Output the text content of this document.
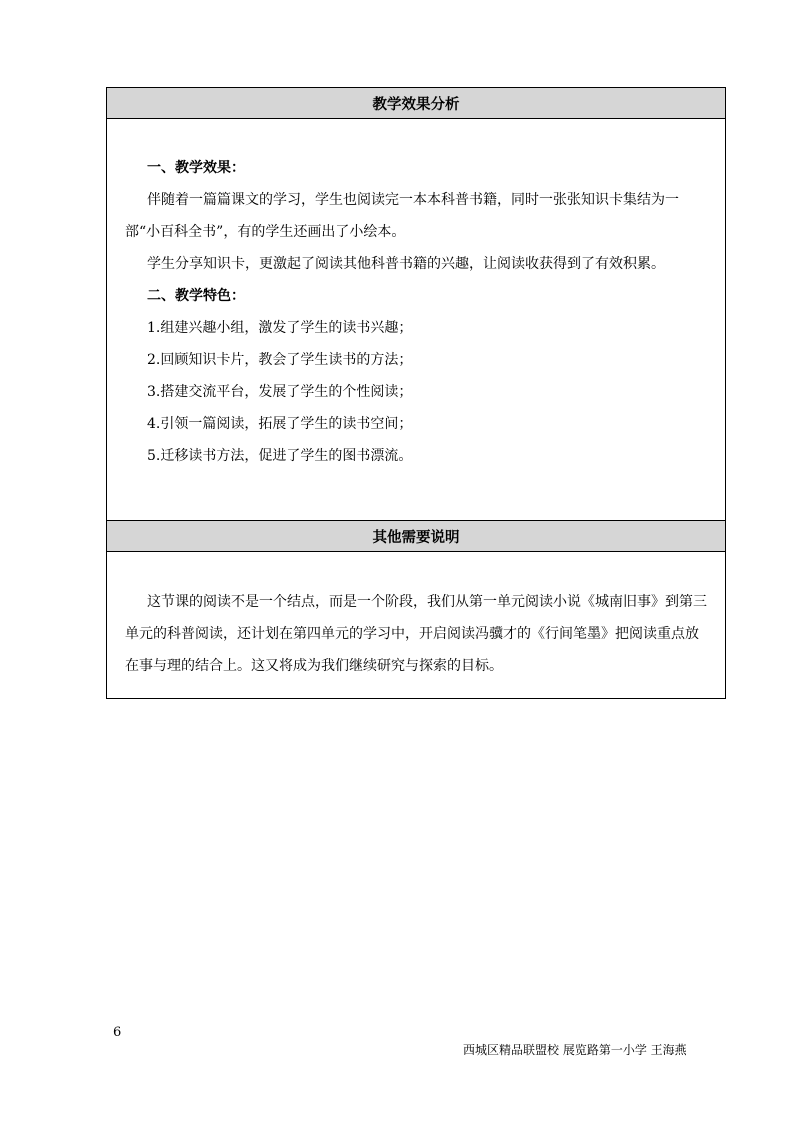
教学效果分析
一、教学效果：

伴随着一篇篇课文的学习，学生也阅读完一本本科普书籍，同时一张张知识卡集结为一部“小百科全书”，有的学生还画出了小绘本。

学生分享知识卡，更激起了阅读其他科普书籍的兴趣，让阅读收获得到了有效积累。

二、教学特色：
1.组建兴趣小组，激发了学生的读书兴趣；
2.回顾知识卡片，教会了学生读书的方法；
3.搭建交流平台，发展了学生的个性阅读；
4.引领一篇阅读，拓展了学生的读书空间；
5.迁移读书方法，促进了学生的图书漂流。
其他需要说明

这节课的阅读不是一个结点，而是一个阶段，我们从第一单元阅读小说《城南旧事》到第三单元的科普阅读，还计划在第四单元的学习中，开启阅读冯骥才的《行间笔墨》把阅读重点放在事与理的结合上。这又将成为我们继续研究与探索的目标。

6
西城区精品联盟校 展览路第一小学 王海燕
